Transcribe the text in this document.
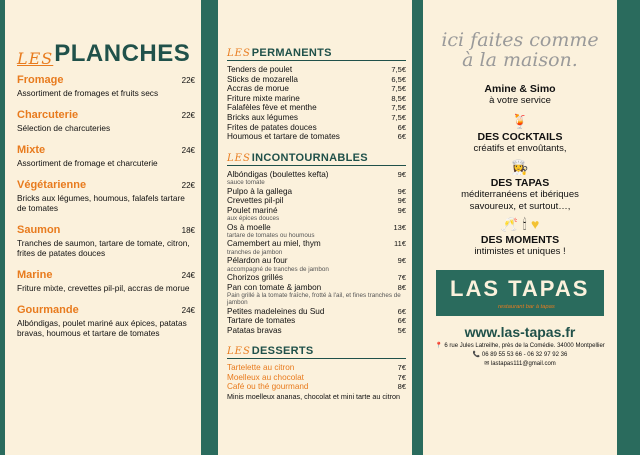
LES PLANCHES
Fromage	22€
Assortiment de fromages et fruits secs
Charcuterie	22€
Sélection de charcuteries
Mixte	24€
Assortiment de fromage et charcuterie
Végétarienne	22€
Bricks aux légumes, houmous, falafels tartare de tomates
Saumon	18€
Tranches de saumon, tartare de tomate, citron, frites de patates douces
Marine	24€
Friture mixte, crevettes pil-pil, accras de morue
Gourmande	24€
Albóndigas, poulet mariné aux épices, patatas bravas, houmous et tartare de tomates
LES PERMANENTS
Tenders de poulet	7,5€
Sticks de mozarella	6,5€
Accras de morue	7,5€
Friture mixte marine	8,5€
Falafèles fève et menthe	7,5€
Bricks aux légumes	7,5€
Frites de patates douces	6€
Houmous et tartare de tomates	6€
LES INCONTOURNABLES
Albóndigas (boulettes kefta)	9€
sauce tomate
Pulpo à la gallega	9€
Crevettes pil-pil	9€
Poulet mariné	9€
aux épices douces
Os à moelle	13€
tartare de tomates ou houmous
Camembert au miel, thym	11€
tranches de jambon
Pélardon au four	9€
accompagné de tranches de jambon
Chorizos grillés	7€
Pan con tomate & jambon	8€
Pain grillé à la tomate fraîche, frotté à l'ail, et fines tranches de jambon
Petites madeleines du Sud	6€
Tartare de tomates	6€
Patatas bravas	5€
LES DESSERTS
Tartelette au citron	7€
Moelleux au chocolat	7€
Café ou thé gourmand	8€
Minis moelleux ananas, chocolat et mini tarte au citron
ici faites comme
à la maison.
Amine & Simo
à votre service
🍹
DES COCKTAILS
créatifs et envoûtants,
👩‍🍳
DES TAPAS
méditerranéens et ibériques
savoureux, et surtout…,
🥂 🕯 ♥
DES MOMENTS
intimistes et uniques !
LAS TAPAS
restaurant bar à tapas
www.las-tapas.fr
📍 6 rue Jules Latreilhe, près de la Comédie. 34000 Montpellier
📞 06 89 55 53 66 - 06 32 97 92 36
✉ lastapas111@gmail.com
